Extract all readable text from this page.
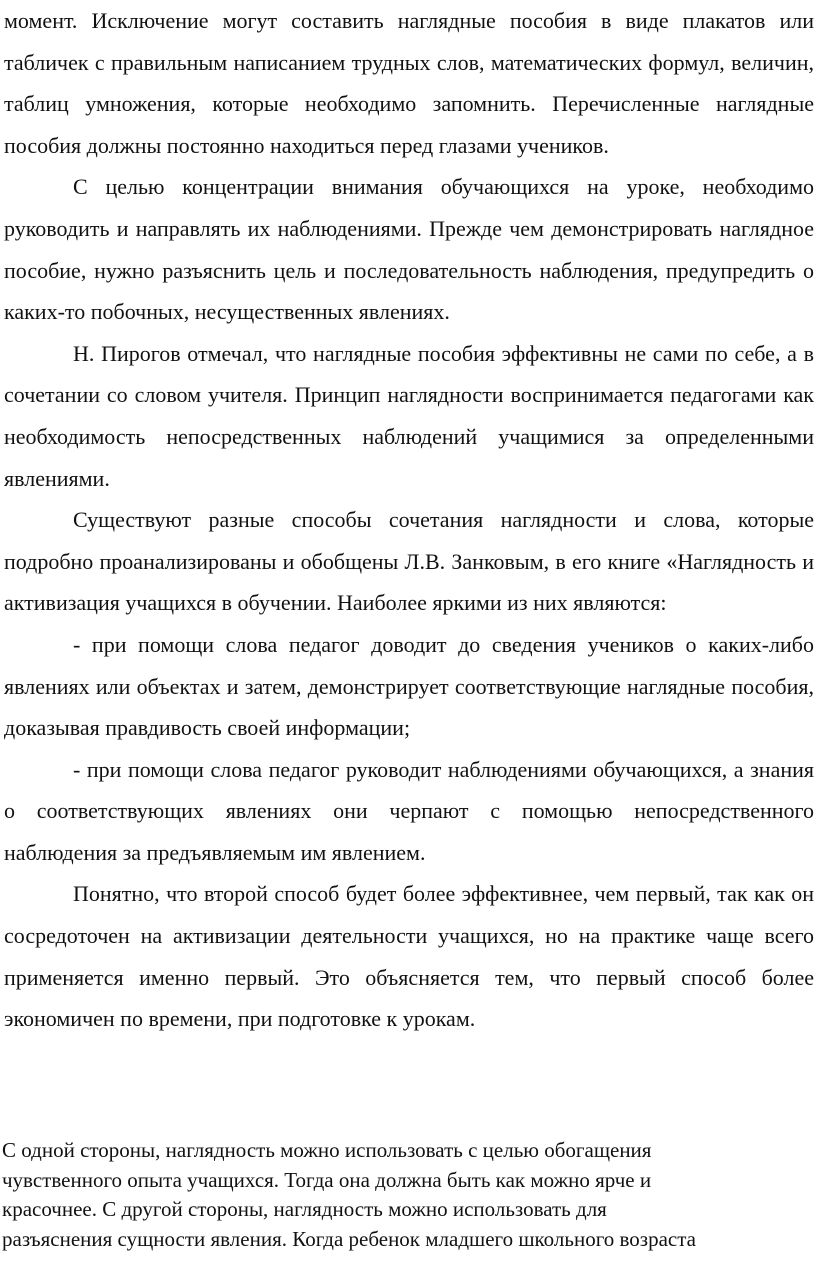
момент. Исключение могут составить наглядные пособия в виде плакатов или табличек с правильным написанием трудных слов, математических формул, величин, таблиц умножения, которые необходимо запомнить. Перечисленные наглядные пособия должны постоянно находиться перед глазами учеников.

С целью концентрации внимания обучающихся на уроке, необходимо руководить и направлять их наблюдениями. Прежде чем демонстрировать наглядное пособие, нужно разъяснить цель и последовательность наблюдения, предупредить о каких-то побочных, несущественных явлениях.

Н. Пирогов отмечал, что наглядные пособия эффективны не сами по себе, а в сочетании со словом учителя. Принцип наглядности воспринимается педагогами как необходимость непосредственных наблюдений учащимися за определенными явлениями.

Существуют разные способы сочетания наглядности и слова, которые подробно проанализированы и обобщены Л.В. Занковым, в его книге «Наглядность и активизация учащихся в обучении. Наиболее яркими из них являются:

- при помощи слова педагог доводит до сведения учеников о каких-либо явлениях или объектах и затем, демонстрирует соответствующие наглядные пособия, доказывая правдивость своей информации;

- при помощи слова педагог руководит наблюдениями обучающихся, а знания о соответствующих явлениях они черпают с помощью непосредственного наблюдения за предъявляемым им явлением.

Понятно, что второй способ будет более эффективнее, чем первый, так как он сосредоточен на активизации деятельности учащихся, но на практике чаще всего применяется именно первый. Это объясняется тем, что первый способ более экономичен по времени, при подготовке к урокам.

С одной стороны, наглядность можно использовать с целью обогащения
чувственного опыта учащихся. Тогда она должна быть как можно ярче и
красочнее. С другой стороны, наглядность можно использовать для
разъяснения сущности явления. Когда ребенок младшего школьного возраста
